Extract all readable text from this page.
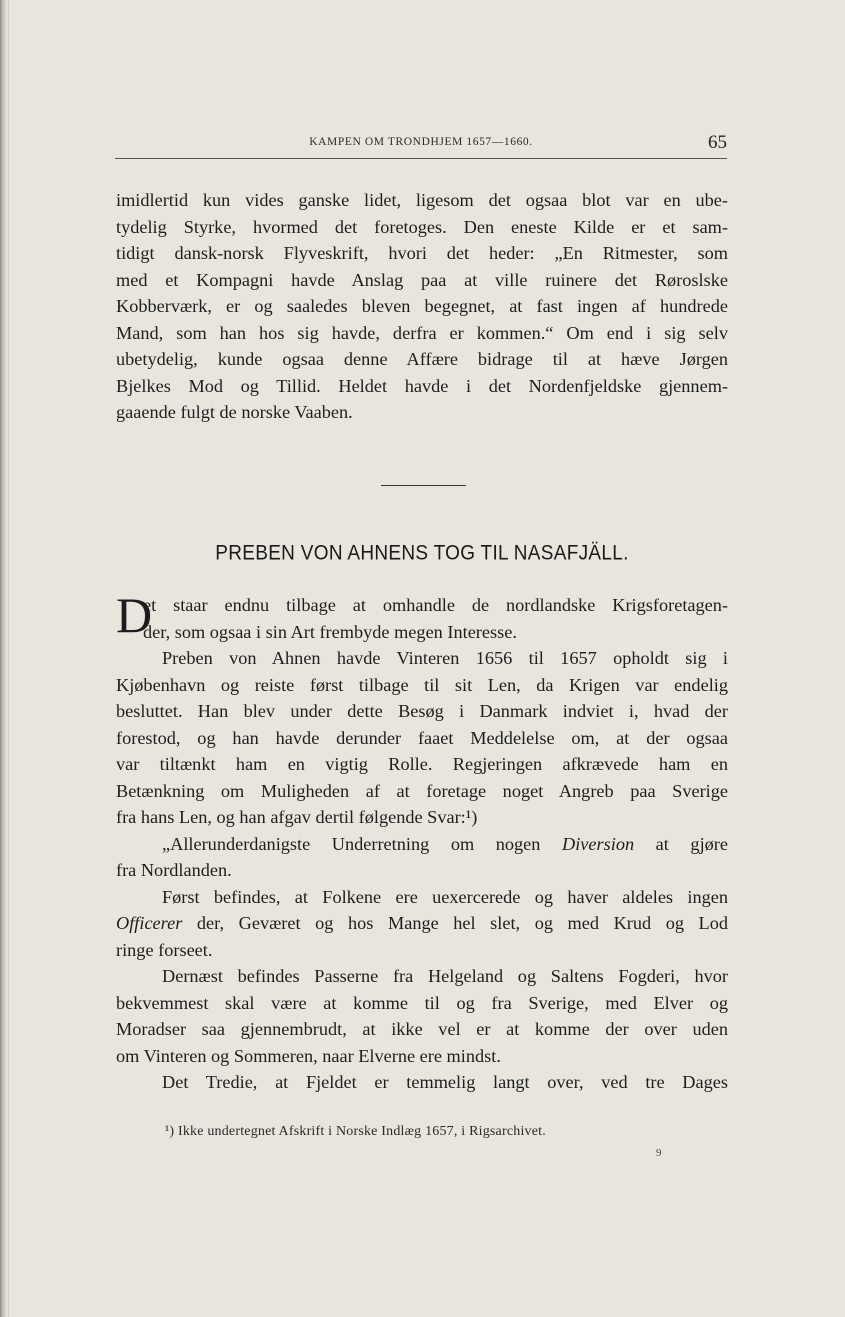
KAMPEN OM TRONDHJEM 1657—1660.	65
imidlertid kun vides ganske lidet, ligesom det ogsaa blot var en ube-
tydelig Styrke, hvormed det foretoges. Den eneste Kilde er et sam-
tidigt dansk-norsk Flyveskrift, hvori det heder: „En Ritmester, som
med et Kompagni havde Anslag paa at ville ruinere det Røroslske
Kobberværk, er og saaledes bleven begegnet, at fast ingen af hundrede
Mand, som han hos sig havde, derfra er kommen.“ Om end i sig selv
ubetydelig, kunde ogsaa denne Affære bidrage til at hæve Jørgen
Bjelkes Mod og Tillid. Heldet havde i det Nordenfjeldske gjennem-
gaaende fulgt de norske Vaaben.
PREBEN VON AHNENS TOG TIL NASAFJÄLL.
D
et staar endnu tilbage at omhandle de nordlandske Krigsforetagen-
der, som ogsaa i sin Art frembyde megen Interesse.
Preben von Ahnen havde Vinteren 1656 til 1657 opholdt sig i
Kjøbenhavn og reiste først tilbage til sit Len, da Krigen var endelig
besluttet. Han blev under dette Besøg i Danmark indviet i, hvad der
forestod, og han havde derunder faaet Meddelelse om, at der ogsaa
var tiltænkt ham en vigtig Rolle. Regjeringen afkrævede ham en
Betænkning om Muligheden af at foretage noget Angreb paa Sverige
fra hans Len, og han afgav dertil følgende Svar:¹)
„Allerunderdanigste Underretning om nogen Diversion at gjøre
fra Nordlanden.
Først befindes, at Folkene ere uexercerede og haver aldeles ingen
Officerer der, Geværet og hos Mange hel slet, og med Krud og Lod
ringe forseet.
Dernæst befindes Passerne fra Helgeland og Saltens Fogderi, hvor
bekvemmest skal være at komme til og fra Sverige, med Elver og
Moradser saa gjennembrudt, at ikke vel er at komme der over uden
om Vinteren og Sommeren, naar Elverne ere mindst.
Det Tredie, at Fjeldet er temmelig langt over, ved tre Dages
¹) Ikke undertegnet Afskrift i Norske Indlæg 1657, i Rigsarchivet.
9
